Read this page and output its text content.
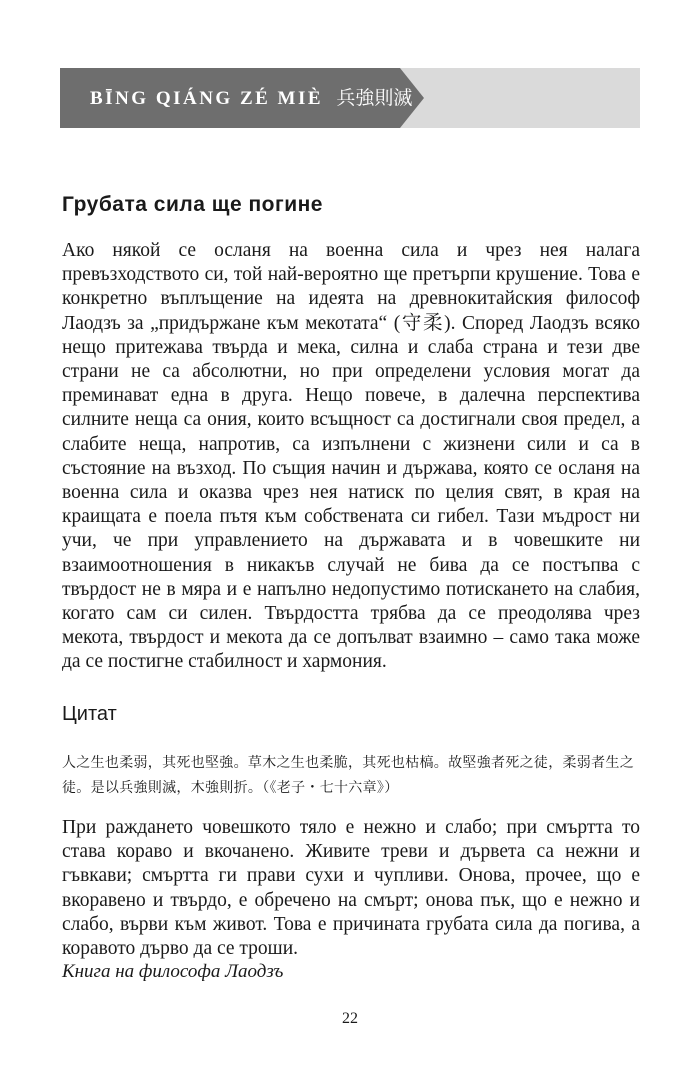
BĪNG QIÁNG ZÉ MIÈ 兵強則滅
Грубата сила ще погине

Ако някой се осланя на военна сила и чрез нея налага превъзходството си, той най-вероятно ще претърпи крушение. Това е конкретно въплъщение на идеята на древнокитайския философ Лаодзъ за „придържане към мекотата“ (守柔). Според Лаодзъ всяко нещо притежава твърда и мека, силна и слаба страна и тези две страни не са абсолютни, но при определени условия могат да преминават една в друга. Нещо повече, в далечна перспектива силните неща са ония, които всъщност са достигнали своя предел, а слабите неща, напротив, са изпълнени с жизнени сили и са в състояние на възход. По същия начин и държава, която се осланя на военна сила и оказва чрез нея натиск по целия свят, в края на краищата е поела пътя към собствената си гибел. Тази мъдрост ни учи, че при управлението на държавата и в човешките ни взаимоотношения в никакъв случай не бива да се постъпва с твърдост не в мяра и е напълно недопустимо потискането на слабия, когато сам си силен. Твърдостта трябва да се преодолява чрез мекота, твърдост и мекота да се допълват взаимно – само така може да се постигне стабилност и хармония.

Цитат

人之生也柔弱，其死也堅強。草木之生也柔脆，其死也枯槁。故堅強者死之徒，柔弱者生之徒。是以兵強則滅，木強則折。（《老子・七十六章》）

При раждането човешкото тяло е нежно и слабо; при смъртта то става кораво и вкочанено. Живите треви и дървета са нежни и гъвкави; смъртта ги прави сухи и чупливи. Онова, прочее, що е вкоравено и твърдо, е обречено на смърт; онова пък, що е нежно и слабо, върви към живот. Това е причината грубата сила да погива, а коравото дърво да се троши.

Книга на философа Лаодзъ

22
